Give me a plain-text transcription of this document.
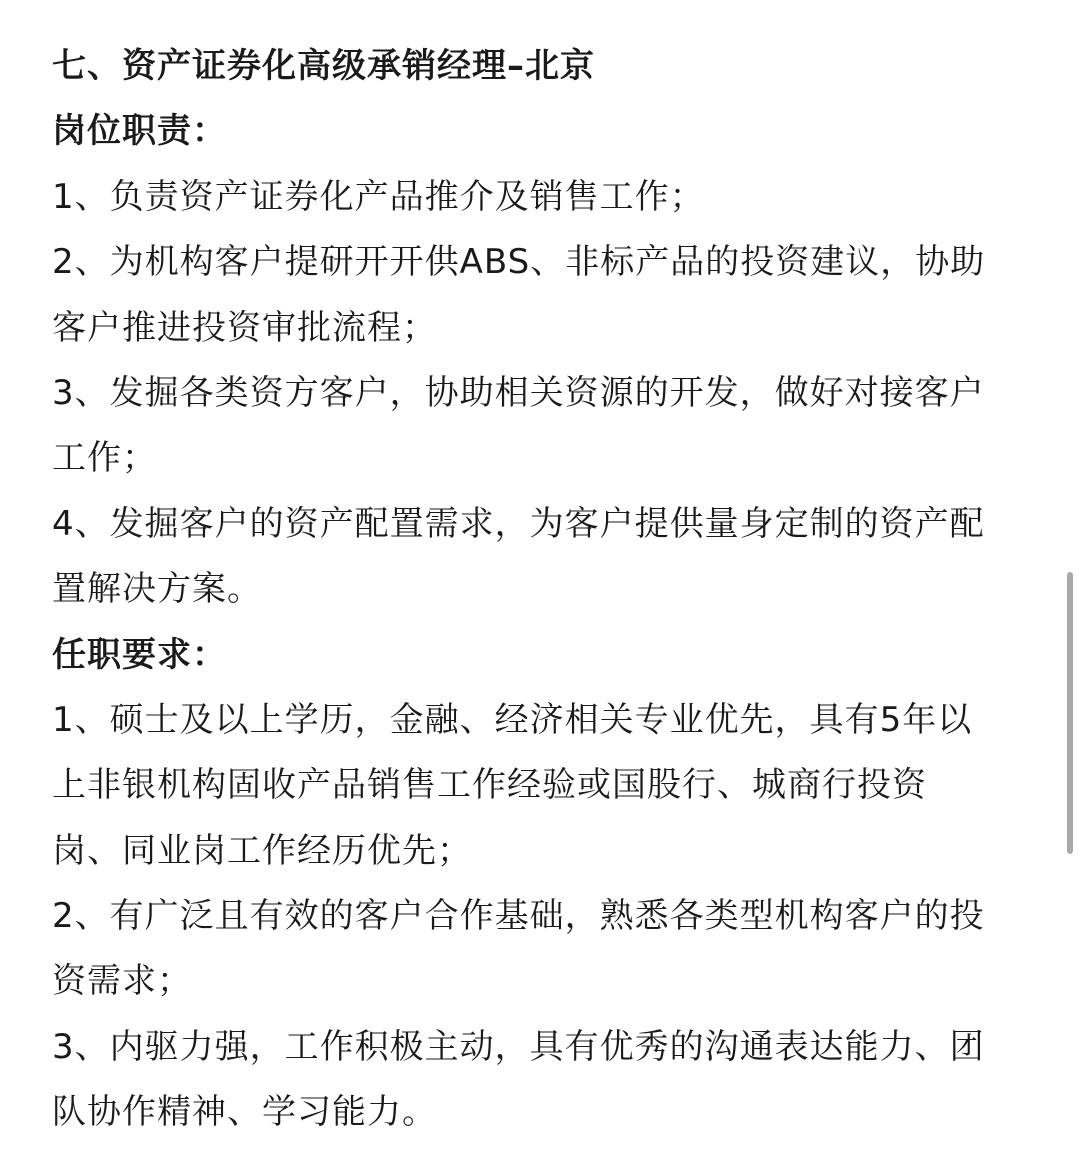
七、资产证券化高级承销经理–北京
岗位职责：
1、负责资产证券化产品推介及销售工作；
2、为机构客户提研开开供ABS、非标产品的投资建议，协助
客户推进投资审批流程；
3、发掘各类资方客户，协助相关资源的开发，做好对接客户
工作；
4、发掘客户的资产配置需求，为客户提供量身定制的资产配
置解决方案。
任职要求：
1、硕士及以上学历，金融、经济相关专业优先，具有5年以
上非银机构固收产品销售工作经验或国股行、城商行投资
岗、同业岗工作经历优先；
2、有广泛且有效的客户合作基础，熟悉各类型机构客户的投
资需求；
3、内驱力强，工作积极主动，具有优秀的沟通表达能力、团
队协作精神、学习能力。
